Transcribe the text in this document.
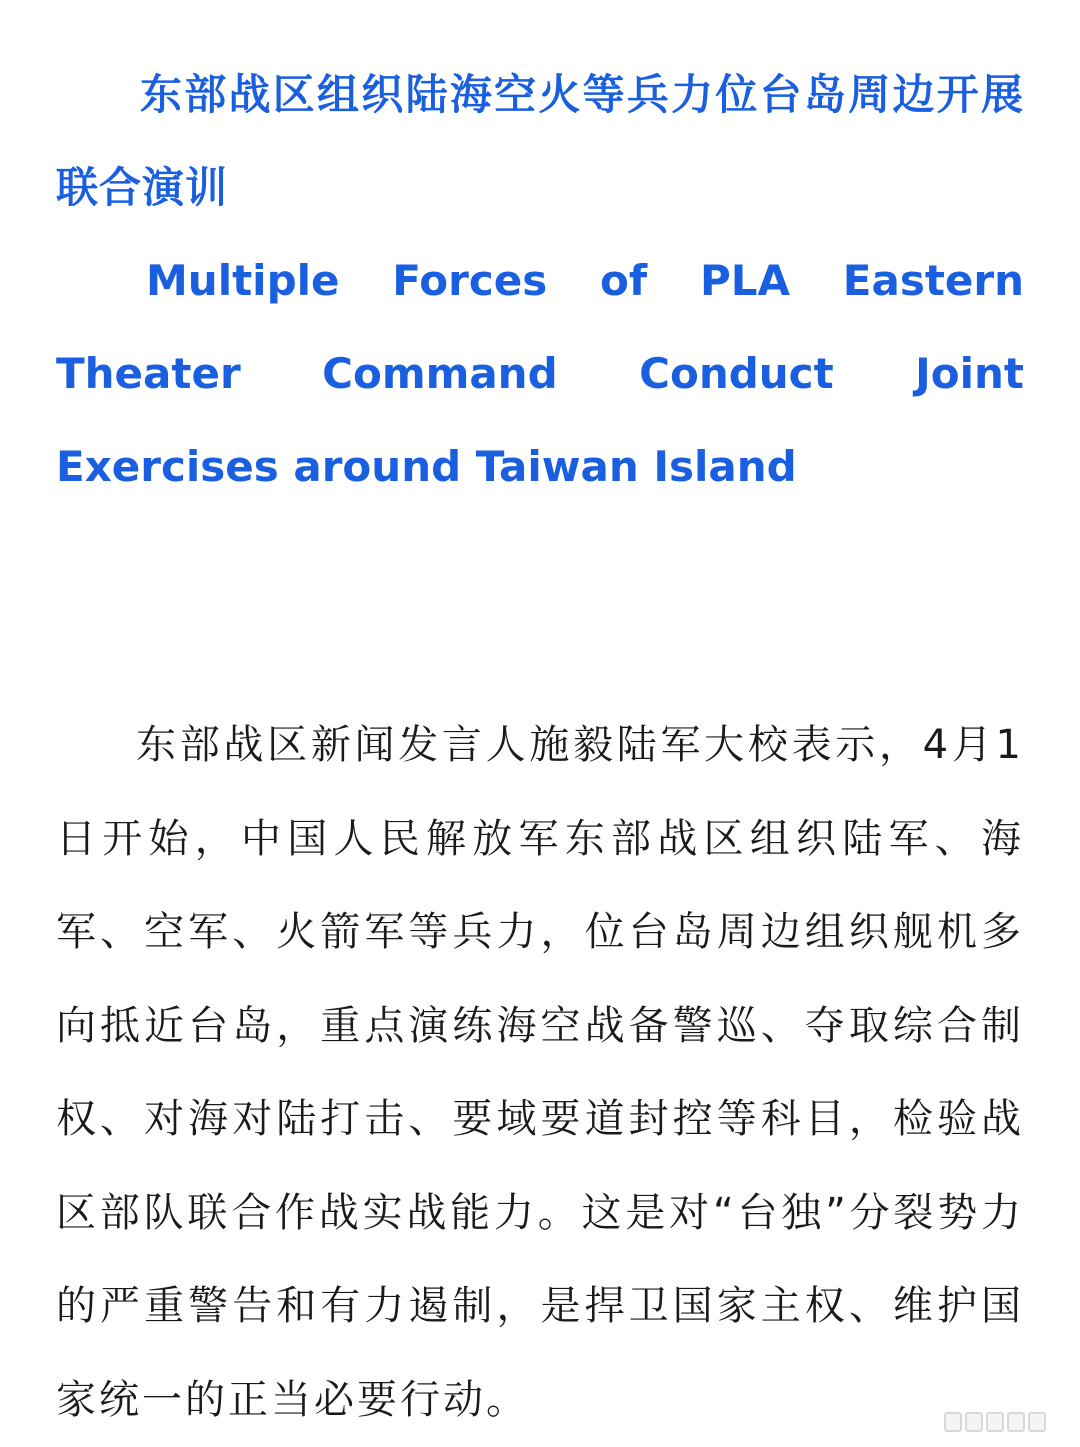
东部战区组织陆海空火等兵力位台岛周边开展联合演训
Multiple Forces of PLA Eastern Theater Command Conduct Joint Exercises around Taiwan Island

东部战区新闻发言人施毅陆军大校表示，4月1日开始，中国人民解放军东部战区组织陆军、海军、空军、火箭军等兵力，位台岛周边组织舰机多向抵近台岛，重点演练海空战备警巡、夺取综合制权、对海对陆打击、要域要道封控等科目，检验战区部队联合作战实战能力。这是对“台独”分裂势力的严重警告和有力遏制，是捍卫国家主权、维护国家统一的正当必要行动。
